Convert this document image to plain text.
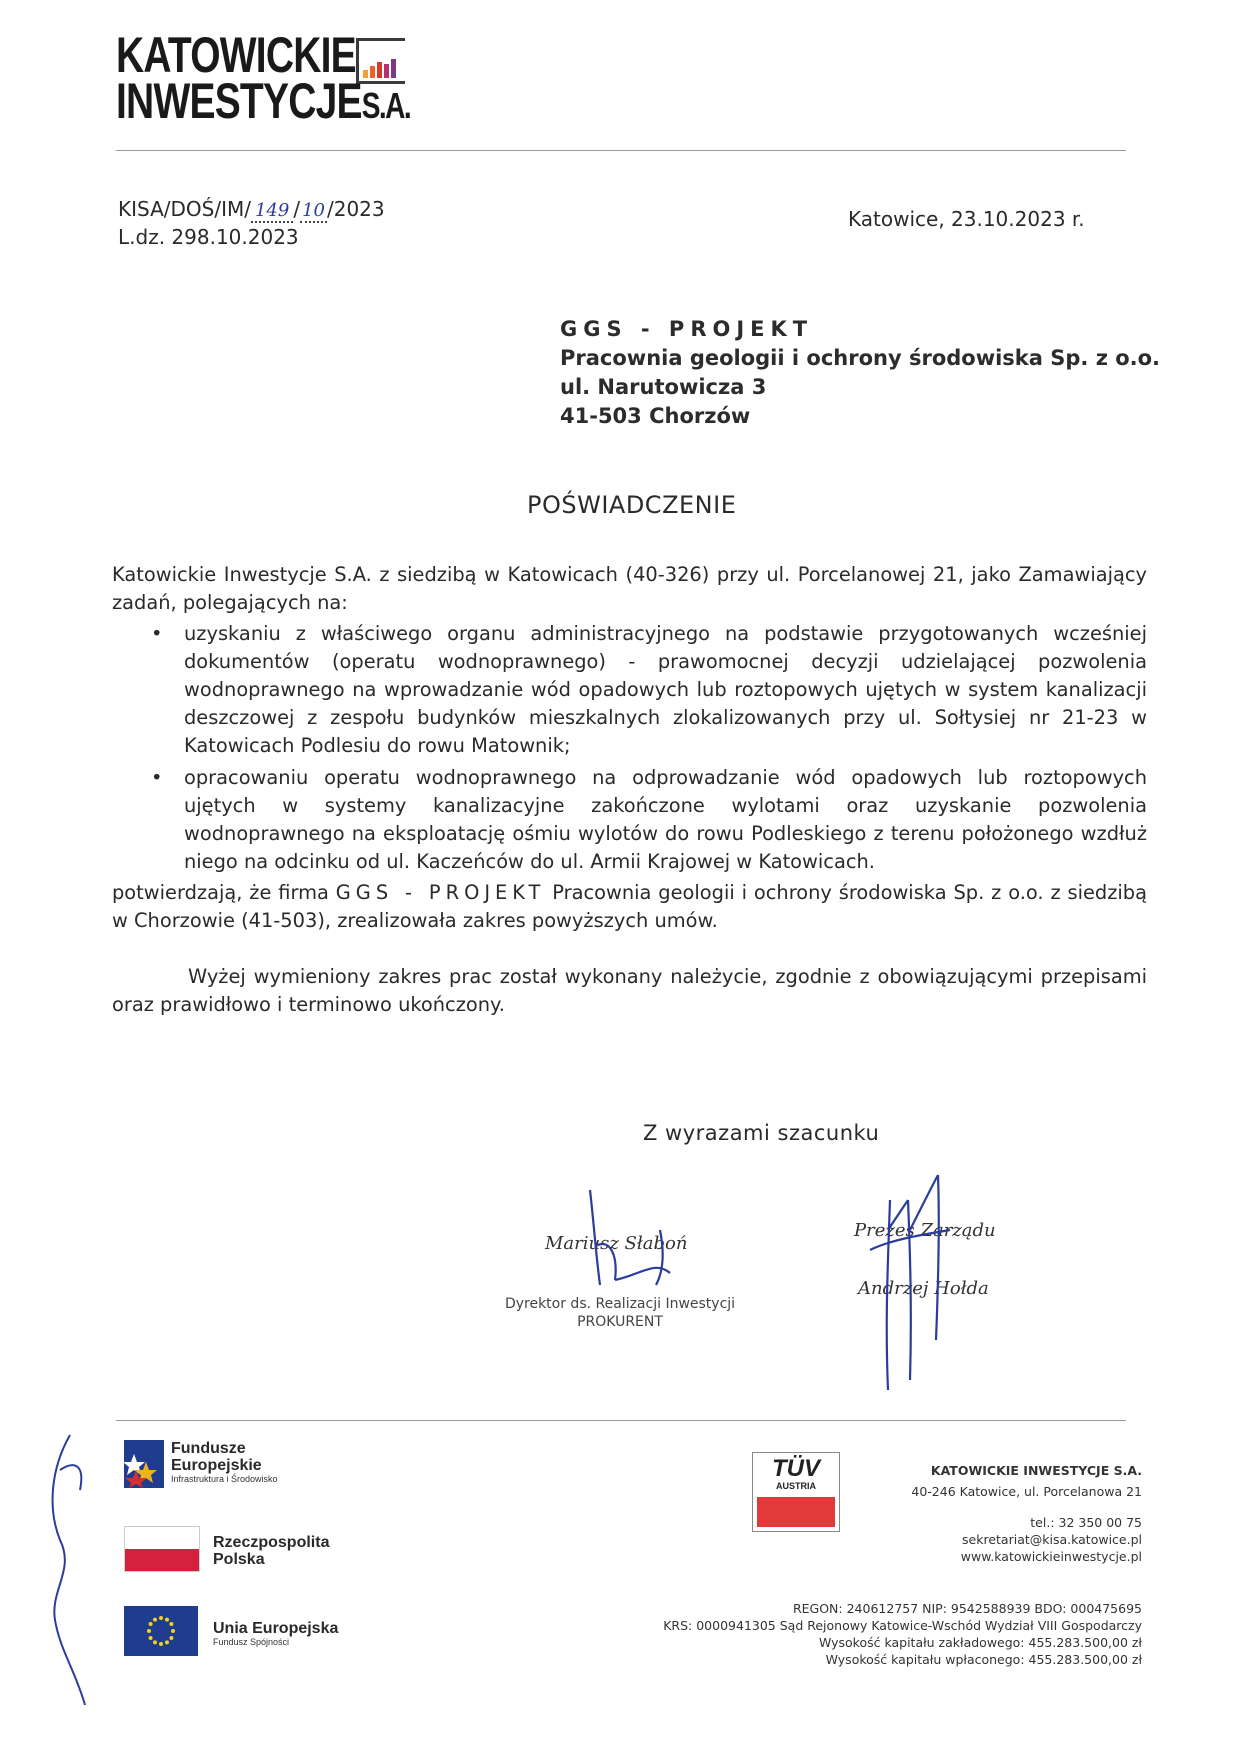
KATOWICKIE
INWESTYCJES.A.
KISA/DOŚ/IM/ 149 / 10 /2023
L.dz. 298.10.2023
Katowice, 23.10.2023 r.
GGS - PROJEKT
Pracownia geologii i ochrony środowiska Sp. z o.o.
ul. Narutowicza 3
41-503 Chorzów
POŚWIADCZENIE

Katowickie Inwestycje S.A. z siedzibą w Katowicach (40-326) przy ul. Porcelanowej 21, jako Zamawiający zadań, polegających na:

• uzyskaniu z właściwego organu administracyjnego na podstawie przygotowanych wcześniej dokumentów (operatu wodnoprawnego) - prawomocnej decyzji udzielającej pozwolenia wodnoprawnego na wprowadzanie wód opadowych lub roztopowych ujętych w system kanalizacji deszczowej z zespołu budynków mieszkalnych zlokalizowanych przy ul. Sołtysiej nr 21-23 w Katowicach Podlesiu do rowu Matownik;

• opracowaniu operatu wodnoprawnego na odprowadzanie wód opadowych lub roztopowych ujętych w systemy kanalizacyjne zakończone wylotami oraz uzyskanie pozwolenia wodnoprawnego na eksploatację ośmiu wylotów do rowu Podleskiego z terenu położonego wzdłuż niego na odcinku od ul. Kaczeńców do ul. Armii Krajowej w Katowicach.

potwierdzają, że firma GGS - PROJEKT Pracownia geologii i ochrony środowiska Sp. z o.o. z siedzibą w Chorzowie (41-503), zrealizowała zakres powyższych umów.

Wyżej wymieniony zakres prac został wykonany należycie, zgodnie z obowiązującymi przepisami oraz prawidłowo i terminowo ukończony.

Z wyrazami szacunku
Mariusz Słaboń
Dyrektor ds. Realizacji Inwestycji
PROKURENT
Prezes Zarządu
Andrzej Hołda
Fundusze
Europejskie
Infrastruktura i Środowisko
Rzeczpospolita
Polska
Unia Europejska
Fundusz Spójności
TÜV
AUSTRIA
KATOWICKIE INWESTYCJE S.A.
40-246 Katowice, ul. Porcelanowa 21
tel.: 32 350 00 75
sekretariat@kisa.katowice.pl
www.katowickieinwestycje.pl
REGON: 240612757 NIP: 9542588939 BDO: 000475695
KRS: 0000941305 Sąd Rejonowy Katowice-Wschód Wydział VIII Gospodarczy
Wysokość kapitału zakładowego: 455.283.500,00 zł
Wysokość kapitału wpłaconego: 455.283.500,00 zł
